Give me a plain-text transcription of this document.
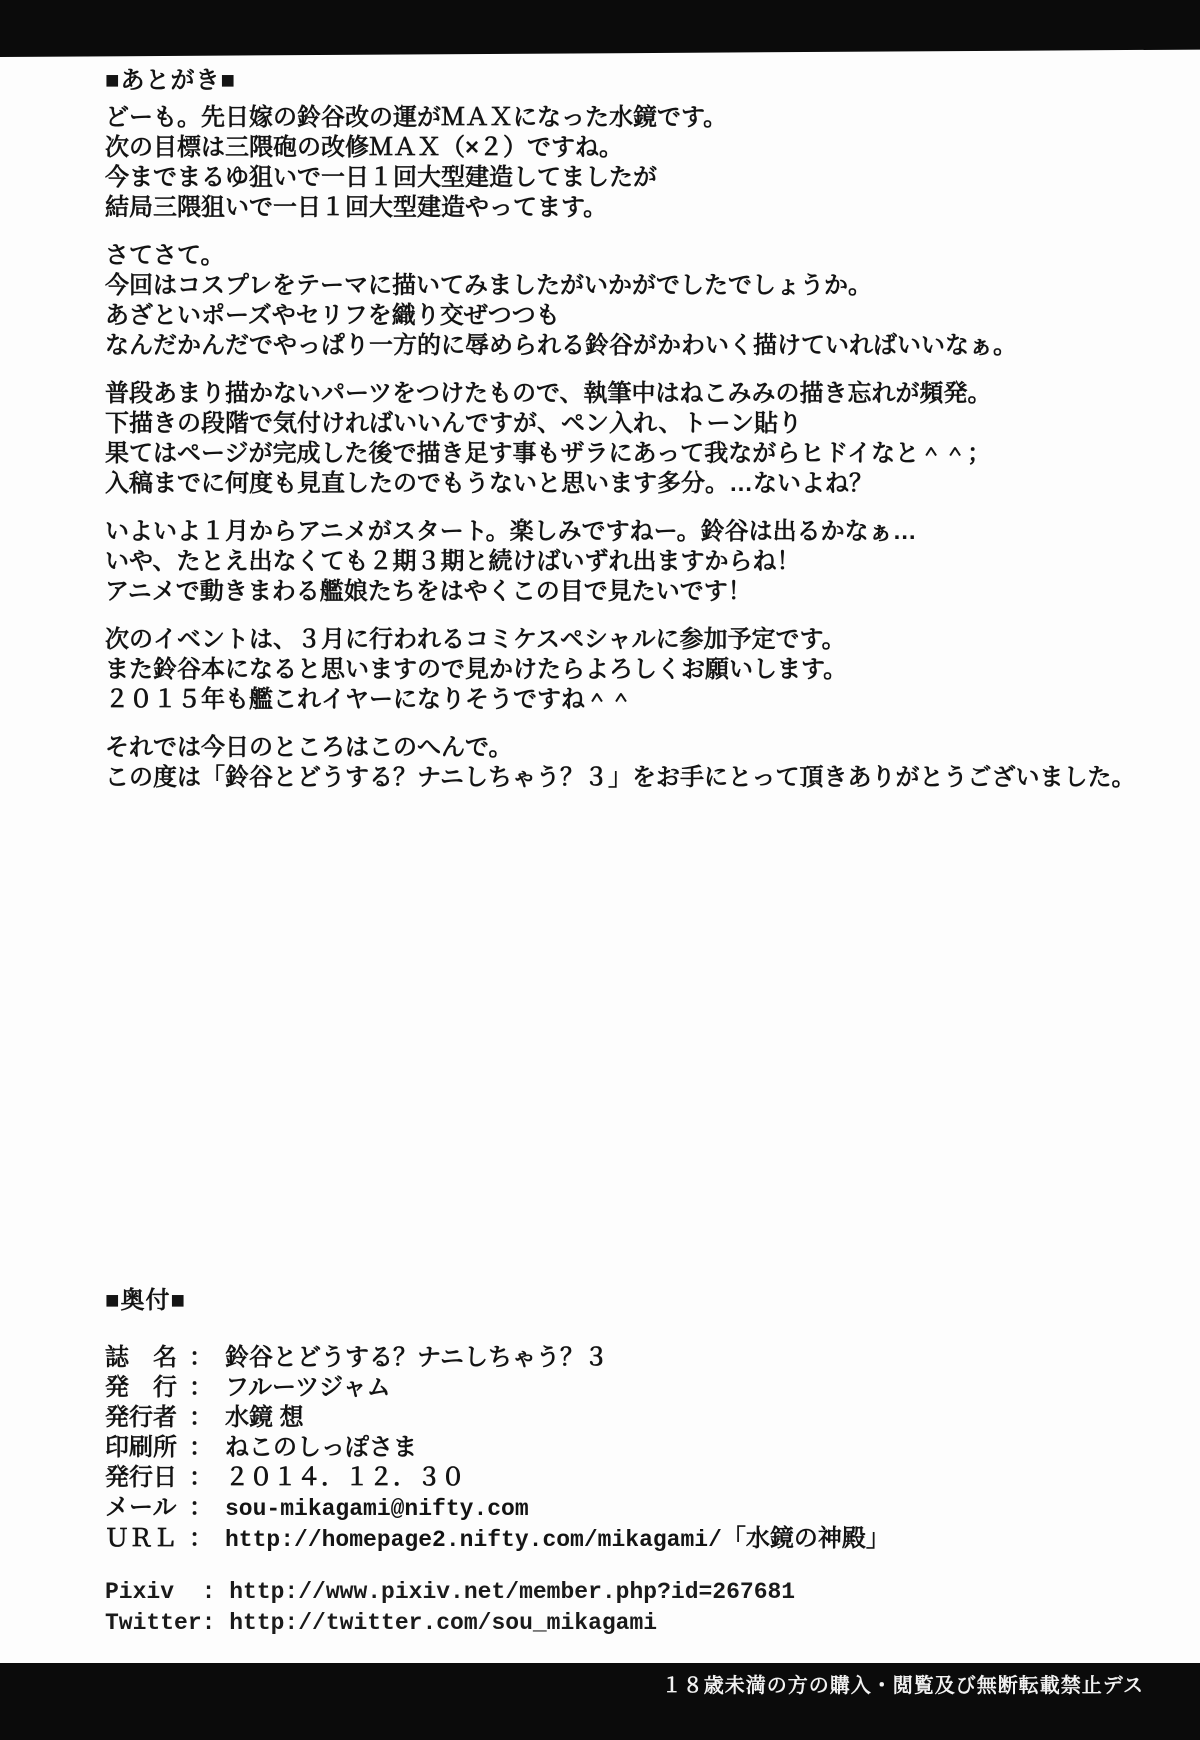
■あとがき■
どーも。先日嫁の鈴谷改の運がＭＡＸになった水鏡です。
次の目標は三隈砲の改修ＭＡＸ（×２）ですね。
今までまるゆ狙いで一日１回大型建造してましたが
結局三隈狙いで一日１回大型建造やってます。
さてさて。
今回はコスプレをテーマに描いてみましたがいかがでしたでしょうか。
あざといポーズやセリフを織り交ぜつつも
なんだかんだでやっぱり一方的に辱められる鈴谷がかわいく描けていればいいなぁ。
普段あまり描かないパーツをつけたもので、執筆中はねこみみの描き忘れが頻発。
下描きの段階で気付ければいいんですが、ペン入れ、トーン貼り
果てはページが完成した後で描き足す事もザラにあって我ながらヒドイなと＾＾；
入稿までに何度も見直したのでもうないと思います多分。…ないよね？
いよいよ１月からアニメがスタート。楽しみですねー。鈴谷は出るかなぁ…
いや、たとえ出なくても２期３期と続けばいずれ出ますからね！
アニメで動きまわる艦娘たちをはやくこの目で見たいです！
次のイベントは、３月に行われるコミケスペシャルに参加予定です。
また鈴谷本になると思いますので見かけたらよろしくお願いします。
２０１５年も艦これイヤーになりそうですね＾＾
それでは今日のところはこのへんで。
この度は「鈴谷とどうする？ナニしちゃう？３」をお手にとって頂きありがとうございました。
■奥付■
誌　名 ： 鈴谷とどうする？ナニしちゃう？３
発　行 ： フルーツジャム
発行者 ： 水鏡 想
印刷所 ： ねこのしっぽさま
発行日 ： ２０１４．１２．３０
メール ： sou-mikagami@nifty.com
ＵＲＬ ： http://homepage2.nifty.com/mikagami/ 「水鏡の神殿」
Pixiv  : http://www.pixiv.net/member.php?id=267681
Twitter: http://twitter.com/sou_mikagami
１８歳未満の方の購入・閲覧及び無断転載禁止デス
